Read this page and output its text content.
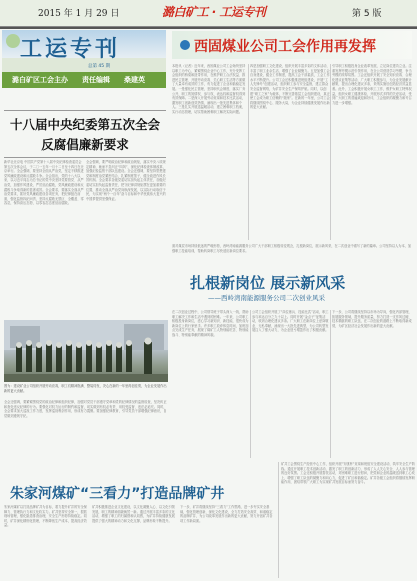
2015 年 1 月 29 日	潞白矿工 · 工运专刊	第 5 版
工运专刊
总第 45 期
潞白矿区工会主办 责任编辑 桑建英
西固煤业公司工会作用再发挥
本报讯（记者）近年来，西固煤业公司工会始终坚持以职工为中心，紧紧围绕企业中心工作，充分发挥工会组织的桥梁和纽带作用，在维护职工合法权益、推进民主管理、开展劳动竞赛、关心职工生活等方面做了大量卓有成效的工作，有力促进了企业和谐稳定发展。一是强化民主管理，坚持职代会制度，落实厂务公开，职工的知情权、参与权、表达权和监督权得到有效保障。二是深入开展劳动竞赛和技术比武活动，激发职工创新创效热情，涌现出一批先进集体和个人。三是扎实开展送温暖活动，建立困难职工档案，实行动态管理，切实帮助困难职工解决实际问题。
四是加强职工文化建设，组织开展丰富多彩的文体活动，丰富了职工业余生活，增强了企业凝聚力。五是加强工会自身建设，健全工作制度，提高工会干部素质，工会工作水平不断提升。公司工会还积极推进班组建设，开展“工人先锋号”创建活动，组织职工参与安全监督，建立群众安全监督网络，为矿井安全生产保驾护航。同时，以创建“职工之家”为载体，不断完善基层工会组织建设，真正使工会成为职工信赖的“娘家”。在新的一年里，公司工会将继续围绕中心、服务大局，为企业持续健康发展作出新的更大贡献。
引导职工积极投身企业改革发展，立足岗位建功立业。注重发挥劳模示范引领作用，在全公司营造学习劳模、争当劳模的浓厚氛围。工会还组织开展了安全知识竞赛、合理化建议征集等活动，广大职工积极参与，为企业发展献计献策，提出合理化建议多条，采纳实施后创造经济效益显著。此外，工会积极开展女职工工作，维护女职工特殊权益，组织女职工健康体检，开展形式多样的关爱活动，受到广大职工的普遍欢迎和好评，工会组织的凝聚力和号召力进一步增强。
十八届中央纪委第五次全会
反腐倡廉新要求
新华社北京电 中国共产党第十八届中央纪律检查委员会第五次全体会议，于二〇一五年一月十二日至十四日在北京举行。全会强调，要坚持全面从严治党，坚定不移推进党风廉政建设和反腐败斗争。全会指出，党的十八大以来，以习近平同志为总书记的党中央坚持党要管党、从严治党，加强作风建设，严厉惩治腐败，党风廉政建设和反腐败斗争取得新的显著成效。全会要求，要落实全面从严治党要求，抓好党风廉政建设各项任务，把纪律挺在前面，强化监督执纪问责，坚持反腐败无禁区、全覆盖、零容忍，保持高压态势，以零容忍态度惩治腐败。
全会强调，要严明政治纪律和政治规矩，落实中央八项规定精神，驰而不息纠正“四风”，深化纪律检查体制改革，加强纪检监察干部队伍建设。全会还强调，要坚持思想建党和制度治党紧密结合，扎紧制度笼子，健全改进作风长效机制。全会要求各级党委切实担负起主体责任，各级纪委切实担负起监督责任，把守纪律讲规矩摆在更加重要的位置，推动全面从严治党向纵深发展，以实际行动取信于民，为实现“两个一百年”奋斗目标和中华民族伟大复兴的中国梦提供坚强保证。
面对煤炭市场持续低迷的严峻形势，西岭湾南能源服务公司广大干部职工积极转变观念，扎根新岗位，展示新风采，在二次创业中谱写了新的篇章。公司坚持以人为本，加强职工技能培训，帮助转岗职工尽快适应新岗位要求。
扎根新岗位 展示新风采
——西岭湾南能源服务公司二次创业风采
在二次创业过程中，公司领导班子带头深入一线，帮助职工解决工作和生活中遇到的困难。一年来，公司职工积极投身新岗位，虚心学习新知识、新技能，很快成为新岗位上的行家里手。许多职工放弃休息时间，加班加点完成生产任务，展现了煤矿工人特别能吃苦、特别能战斗、特别能奉献的精神风貌。
公司工会组织开展了“岗位练兵、技能比武”活动，职工参与率达百分之九十以上。同时开展“金点子”征集活动，收到合理化建议多条。广大职工在新岗位上爱岗敬业、无私奉献，涌现出一大批先进典型，为公司转型发展注入了强大动力，为企业扭亏增盈作出了积极贡献。
下一步，公司将继续坚持以市场为导向，强化内部管理，拓展服务领域，提升服务质量，努力打造一支作风过硬、技术精湛的职工队伍，在二次创业的道路上不断取得新成绩，为矿区经济社会发展作出新的更大贡献。
图为：建设矿业公司组织开展劳动竞赛，职工们精神饱满、整装待发，决心在新的一年里再创佳绩，为企业发展作出新的更大贡献。
全会还强调，要紧紧围绕党的政治纪律和组织纪律，加强对党员干部遵守党章和党的纪律情况的监督检查，坚决纠正和查处违反纪律的行为。要强化对权力运行的制约和监督，切实做到有权必有责、用权受监督、违法必追究。同时，全会要求加大巡视工作力度，发挥巡视利剑作用，形成有力震慑。要加强纪律教育，引导党员干部增强纪律意识，自觉做到遵规守纪。
朱家河煤矿“三看力”打造品牌矿井
朱家河煤矿以打造品牌矿井为目标，着力提升矿井的安全保障力、管理执行力和文化软实力。矿井坚持安全第一，狠抓现场管理，强化隐患排查治理，安全生产形势持续稳定。同时，矿井深化精细化管理，不断降低生产成本，提高经济效益。
矿井积极推进企业文化建设，以文化凝聚人心、以文化引领发展，职工的精神面貌焕然一新。通过开展丰富多彩的文化活动，增强了职工的归属感和认同感，为矿井持续健康发展提供了强大的精神动力和文化支撑，品牌形象不断提升。
下一步，矿井将继续坚持“三看力”工作思路，进一步夯实安全基础，强化管理创新，深化文化建设，全力打造安全高效、和谐稳定的品牌矿井，为公司改革发展作出新的更大贡献，努力开创矿井各项工作新局面。
矿井工会围绕生产经营中心工作，组织开展“安康杯”竞赛和班组安全建设活动，筑牢安全生产防线。通过开展职工技术创新活动，激发了职工的创新活力，形成了人人关心安全、人人参与管理的良好氛围。工会还积极开展帮扶活动，对困难职工进行慰问，把党和企业的温暖送到职工心坎上，增强了职工队伍的凝聚力和向心力，促进了矿区和谐稳定。矿井各级工会组织将继续发挥职能作用，团结带领广大职工为实现矿井发展目标而努力奋斗。
